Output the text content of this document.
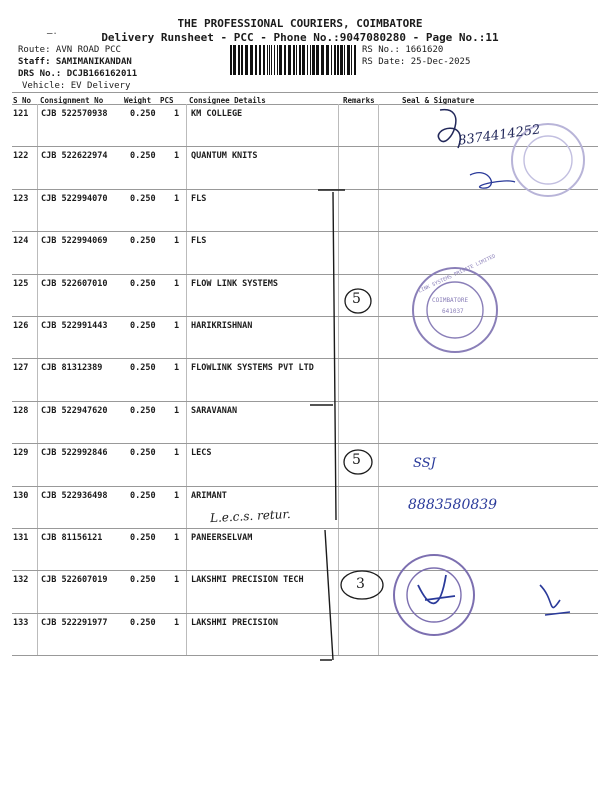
THE PROFESSIONAL COURIERS, COIMBATORE
ـ.	Delivery Runsheet - PCC - Phone No.:9047080280 - Page No.:11
Route: AVN ROAD PCC
Staff: SAMIMANIKANDAN
DRS No.: DCJB166162011
Vehicle: EV Delivery
RS No.: 1661620
RS Date: 25-Dec-2025
S No Consignment No	Weight PCS Consignee Details	Remarks	Seal & Signature
121 CJB 522570938	0.250 1 KM COLLEGE
122 CJB 522622974	0.250 1 QUANTUM KNITS
123 CJB 522994070	0.250 1 FLS
124 CJB 522994069	0.250 1 FLS
125 CJB 522607010	0.250 1 FLOW LINK SYSTEMS
126 CJB 522991443	0.250 1 HARIKRISHNAN
127 CJB 81312389	0.250 1 FLOWLINK SYSTEMS PVT LTD
128 CJB 522947620	0.250 1 SARAVANAN
129 CJB 522992846	0.250 1 LECS
130 CJB 522936498	0.250 1 ARIMANT
131 CJB 81156121	0.250 1 PANEERSELVAM
132 CJB 522607019	0.250 1 LAKSHMI PRECISION TECH
133 CJB 522291977	0.250 1 LAKSHMI PRECISION
5
5
3
8374414252
SSJ
8883580839
L.e.c.s. retur.
COIMBATORE
641037
LINK SYSTEMS PRIVATE LIMITED
